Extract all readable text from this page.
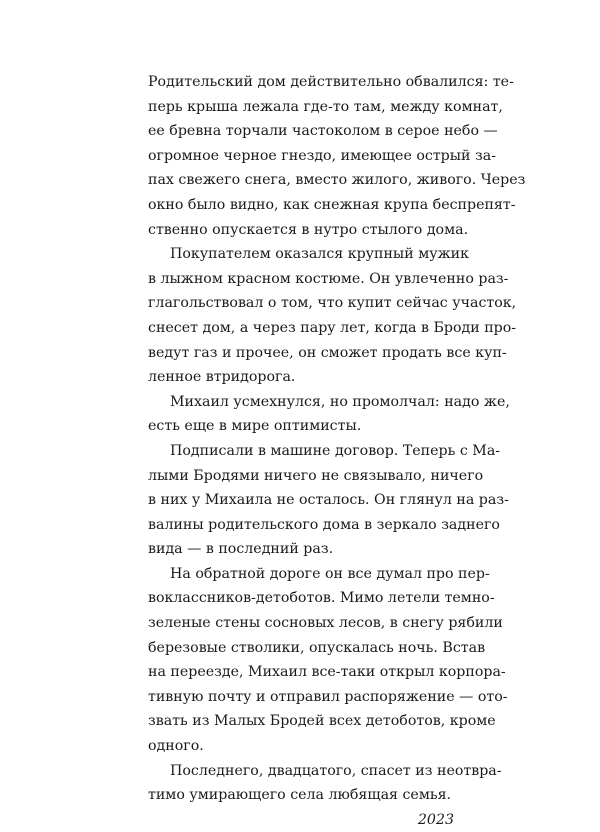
Родительский дом действительно обвалился: те-
перь крыша лежала где-то там, между комнат,
ее бревна торчали частоколом в серое небо —
огромное черное гнездо, имеющее острый за-
пах свежего снега, вместо жилого, живого. Через
окно было видно, как снежная крупа беспрепят-
ственно опускается в нутро стылого дома.
Покупателем оказался крупный мужик
в лыжном красном костюме. Он увлеченно раз-
глагольствовал о том, что купит сейчас участок,
снесет дом, а через пару лет, когда в Броди про-
ведут газ и прочее, он сможет продать все куп-
ленное втридорога.
Михаил усмехнулся, но промолчал: надо же,
есть еще в мире оптимисты.
Подписали в машине договор. Теперь с Ма-
лыми Бродями ничего не связывало, ничего
в них у Михаила не осталось. Он глянул на раз-
валины родительского дома в зеркало заднего
вида — в последний раз.
На обратной дороге он все думал про пер-
воклассников-детоботов. Мимо летели темно-
зеленые стены сосновых лесов, в снегу рябили
березовые стволики, опускалась ночь. Встав
на переезде, Михаил все-таки открыл корпора-
тивную почту и отправил распоряжение — ото-
звать из Малых Бродей всех детоботов, кроме
одного.
Последнего, двадцатого, спасет из неотвра-
тимо умирающего села любящая семья.
2023
